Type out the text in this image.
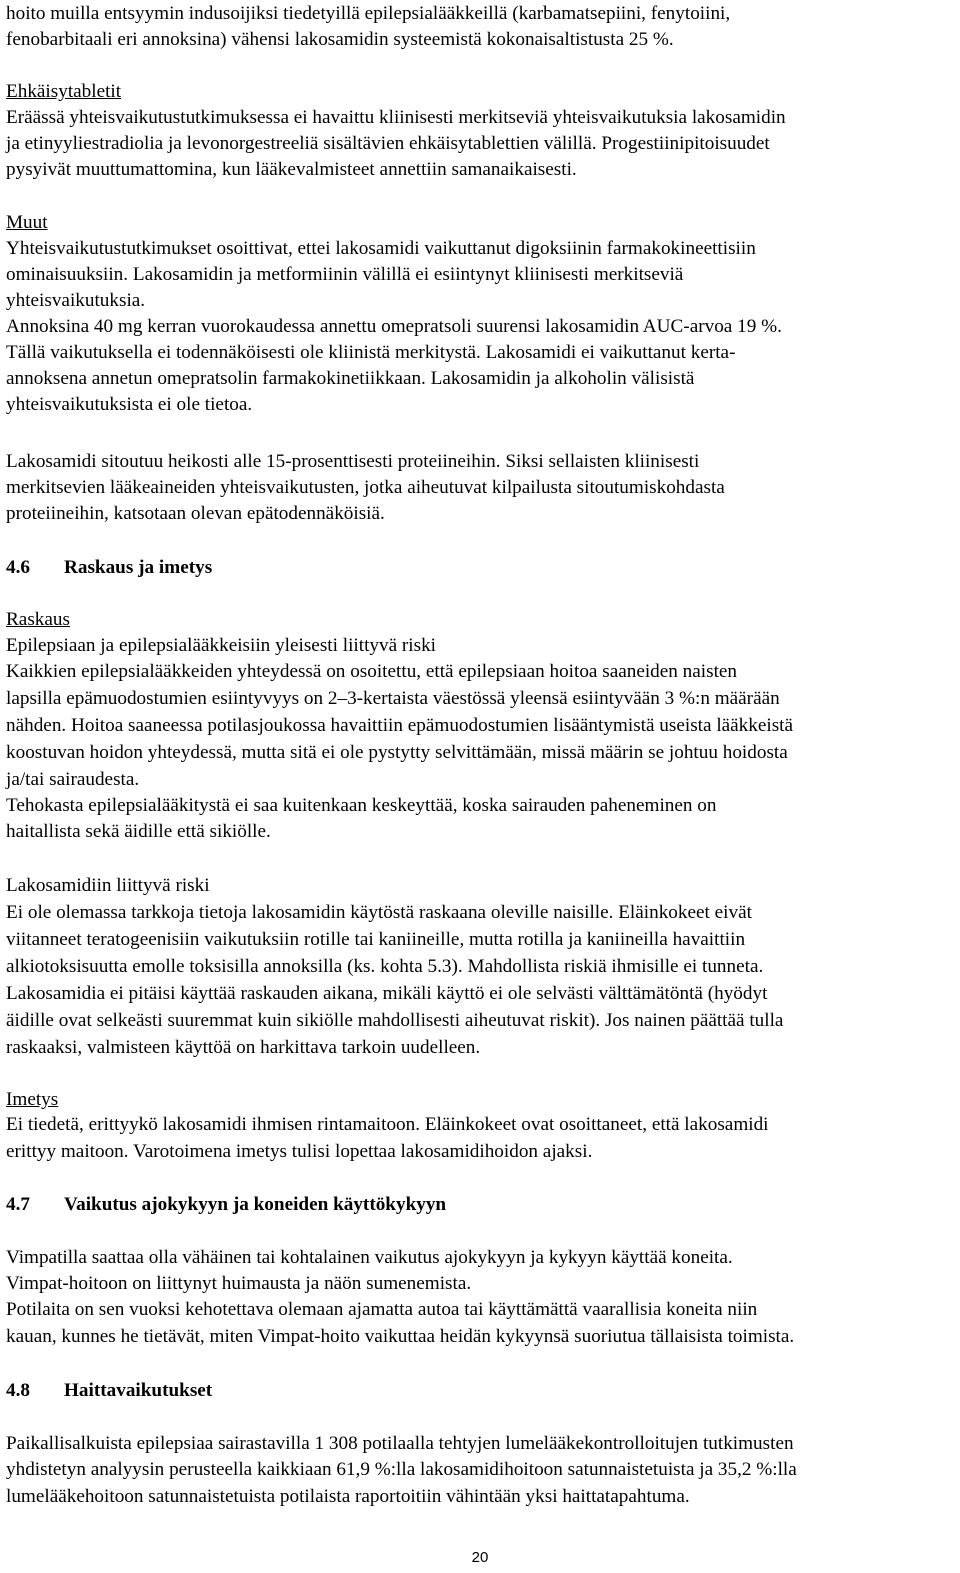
hoito muilla entsyymin indusoijiksi tiedetyillä epilepsialääkkeillä (karbamatsepiini, fenytoiini,
fenobarbitaali eri annoksina) vähensi lakosamidin systeemistä kokonaisaltistusta 25 %.
Ehkäisytabletit
Eräässä yhteisvaikutustutkimuksessa ei havaittu kliinisesti merkitseviä yhteisvaikutuksia lakosamidin
ja etinyyliestradiolia ja levonorgestreeliä sisältävien ehkäisytablettien välillä. Progestiinipitoisuudet
pysyivät muuttumattomina, kun lääkevalmisteet annettiin samanaikaisesti.
Muut
Yhteisvaikutustutkimukset osoittivat, ettei lakosamidi vaikuttanut digoksiinin farmakokineettisiin
ominaisuuksiin. Lakosamidin ja metformiinin välillä ei esiintynyt kliinisesti merkitseviä
yhteisvaikutuksia.
Annoksina 40 mg kerran vuorokaudessa annettu omepratsoli suurensi lakosamidin AUC-arvoa 19 %.
Tällä vaikutuksella ei todennäköisesti ole kliinistä merkitystä. Lakosamidi ei vaikuttanut kerta-
annoksena annetun omepratsolin farmakokinetiikkaan. Lakosamidin ja alkoholin välisistä
yhteisvaikutuksista ei ole tietoa.
Lakosamidi sitoutuu heikosti alle 15-prosenttisesti proteiineihin. Siksi sellaisten kliinisesti
merkitsevien lääkeaineiden yhteisvaikutusten, jotka aiheutuvat kilpailusta sitoutumiskohdasta
proteiineihin, katsotaan olevan epätodennäköisiä.
4.6 Raskaus ja imetys
Raskaus
Epilepsiaan ja epilepsialääkkeisiin yleisesti liittyvä riski
Kaikkien epilepsialääkkeiden yhteydessä on osoitettu, että epilepsiaan hoitoa saaneiden naisten
lapsilla epämuodostumien esiintyvyys on 2–3-kertaista väestössä yleensä esiintyvään 3 %:n määrään
nähden. Hoitoa saaneessa potilasjoukossa havaittiin epämuodostumien lisääntymistä useista lääkkeistä
koostuvan hoidon yhteydessä, mutta sitä ei ole pystytty selvittämään, missä määrin se johtuu hoidosta
ja/tai sairaudesta.
Tehokasta epilepsialääkitystä ei saa kuitenkaan keskeyttää, koska sairauden paheneminen on
haitallista sekä äidille että sikiölle.
Lakosamidiin liittyvä riski
Ei ole olemassa tarkkoja tietoja lakosamidin käytöstä raskaana oleville naisille. Eläinkokeet eivät
viitanneet teratogeenisiin vaikutuksiin rotille tai kaniineille, mutta rotilla ja kaniineilla havaittiin
alkiotoksisuutta emolle toksisilla annoksilla (ks. kohta 5.3). Mahdollista riskiä ihmisille ei tunneta.
Lakosamidia ei pitäisi käyttää raskauden aikana, mikäli käyttö ei ole selvästi välttämätöntä (hyödyt
äidille ovat selkeästi suuremmat kuin sikiölle mahdollisesti aiheutuvat riskit). Jos nainen päättää tulla
raskaaksi, valmisteen käyttöä on harkittava tarkoin uudelleen.
Imetys
Ei tiedetä, erittyykö lakosamidi ihmisen rintamaitoon. Eläinkokeet ovat osoittaneet, että lakosamidi
erittyy maitoon. Varotoimena imetys tulisi lopettaa lakosamidihoidon ajaksi.
4.7 Vaikutus ajokykyyn ja koneiden käyttökykyyn
Vimpatilla saattaa olla vähäinen tai kohtalainen vaikutus ajokykyyn ja kykyyn käyttää koneita.
Vimpat-hoitoon on liittynyt huimausta ja näön sumenemista.
Potilaita on sen vuoksi kehotettava olemaan ajamatta autoa tai käyttämättä vaarallisia koneita niin
kauan, kunnes he tietävät, miten Vimpat-hoito vaikuttaa heidän kykyynsä suoriutua tällaisista toimista.
4.8 Haittavaikutukset
Paikallisalkuista epilepsiaa sairastavilla 1 308 potilaalla tehtyjen lumelääkekontrolloitujen tutkimusten
yhdistetyn analyysin perusteella kaikkiaan 61,9 %:lla lakosamidihoitoon satunnaistetuista ja 35,2 %:lla
lumelääkehoitoon satunnaistetuista potilaista raportoitiin vähintään yksi haittatapahtuma.
20
